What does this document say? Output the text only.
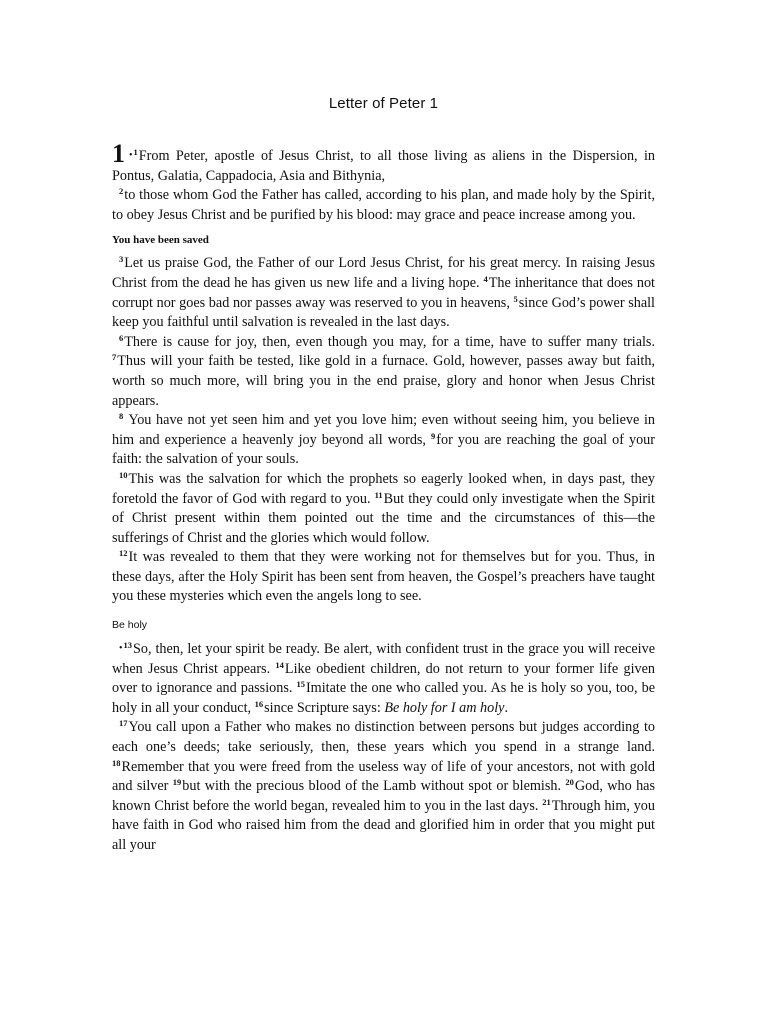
Letter of Peter 1

1 •$^1$From Peter, apostle of Jesus Christ, to all those living as aliens in the Dispersion, in Pontus, Galatia, Cappadocia, Asia and Bithynia,

$^2$to those whom God the Father has called, according to his plan, and made holy by the Spirit, to obey Jesus Christ and be purified by his blood: may grace and peace increase among you.

You have been saved

$^3$Let us praise God, the Father of our Lord Jesus Christ, for his great mercy. In raising Jesus Christ from the dead he has given us new life and a living hope. $^4$The inheritance that does not corrupt nor goes bad nor passes away was reserved to you in heavens, $^5$since God’s power shall keep you faithful until salvation is revealed in the last days.

$^6$There is cause for joy, then, even though you may, for a time, have to suffer many trials. $^7$Thus will your faith be tested, like gold in a furnace. Gold, however, passes away but faith, worth so much more, will bring you in the end praise, glory and honor when Jesus Christ appears.

$^8$ You have not yet seen him and yet you love him; even without seeing him, you believe in him and experience a heavenly joy beyond all words, $^9$for you are reaching the goal of your faith: the salvation of your souls.

$^{10}$This was the salvation for which the prophets so eagerly looked when, in days past, they foretold the favor of God with regard to you. $^{11}$But they could only investigate when the Spirit of Christ present within them pointed out the time and the circumstances of this—the sufferings of Christ and the glories which would follow.

$^{12}$It was revealed to them that they were working not for themselves but for you. Thus, in these days, after the Holy Spirit has been sent from heaven, the Gospel’s preachers have taught you these mysteries which even the angels long to see.

Be holy

•$^{13}$So, then, let your spirit be ready. Be alert, with confident trust in the grace you will receive when Jesus Christ appears. $^{14}$Like obedient children, do not return to your former life given over to ignorance and passions. $^{15}$Imitate the one who called you. As he is holy so you, too, be holy in all your conduct, $^{16}$since Scripture says: Be holy for I am holy.

$^{17}$You call upon a Father who makes no distinction between persons but judges according to each one’s deeds; take seriously, then, these years which you spend in a strange land. $^{18}$Remember that you were freed from the useless way of life of your ancestors, not with gold and silver $^{19}$but with the precious blood of the Lamb without spot or blemish. $^{20}$God, who has known Christ before the world began, revealed him to you in the last days. $^{21}$Through him, you have faith in God who raised him from the dead and glorified him in order that you might put all your
